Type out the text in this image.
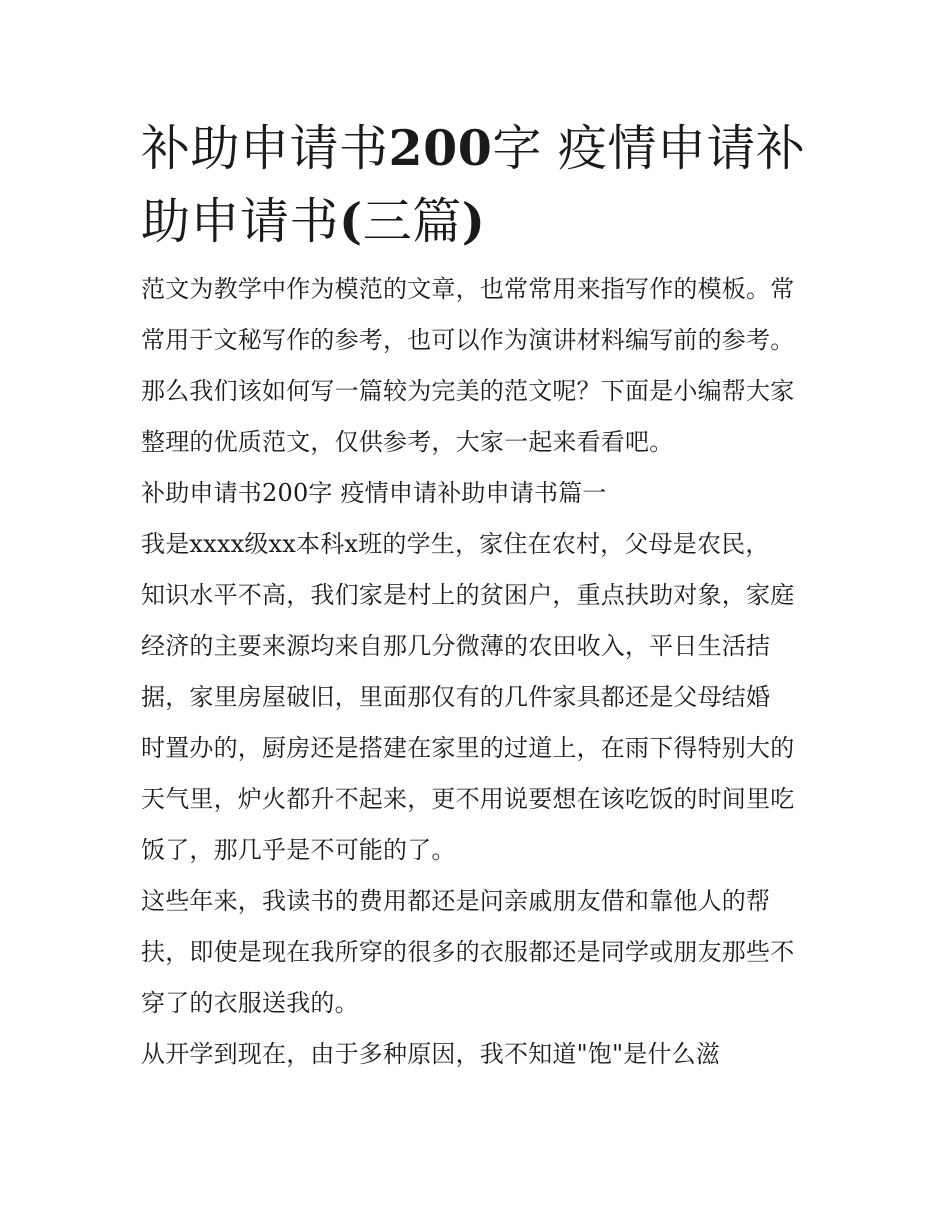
补助申请书200字 疫情申请补
助申请书(三篇)
范文为教学中作为模范的文章，也常常用来指写作的模板。常
常用于文秘写作的参考，也可以作为演讲材料编写前的参考。
那么我们该如何写一篇较为完美的范文呢？下面是小编帮大家
整理的优质范文，仅供参考，大家一起来看看吧。
补助申请书200字 疫情申请补助申请书篇一
我是xxxx级xx本科x班的学生，家住在农村，父母是农民，
知识水平不高，我们家是村上的贫困户，重点扶助对象，家庭
经济的主要来源均来自那几分微薄的农田收入，平日生活拮
据，家里房屋破旧，里面那仅有的几件家具都还是父母结婚
时置办的，厨房还是搭建在家里的过道上，在雨下得特别大的
天气里，炉火都升不起来，更不用说要想在该吃饭的时间里吃
饭了，那几乎是不可能的了。
这些年来，我读书的费用都还是问亲戚朋友借和靠他人的帮
扶，即使是现在我所穿的很多的衣服都还是同学或朋友那些不
穿了的衣服送我的。
从开学到现在，由于多种原因，我不知道"饱"是什么滋
